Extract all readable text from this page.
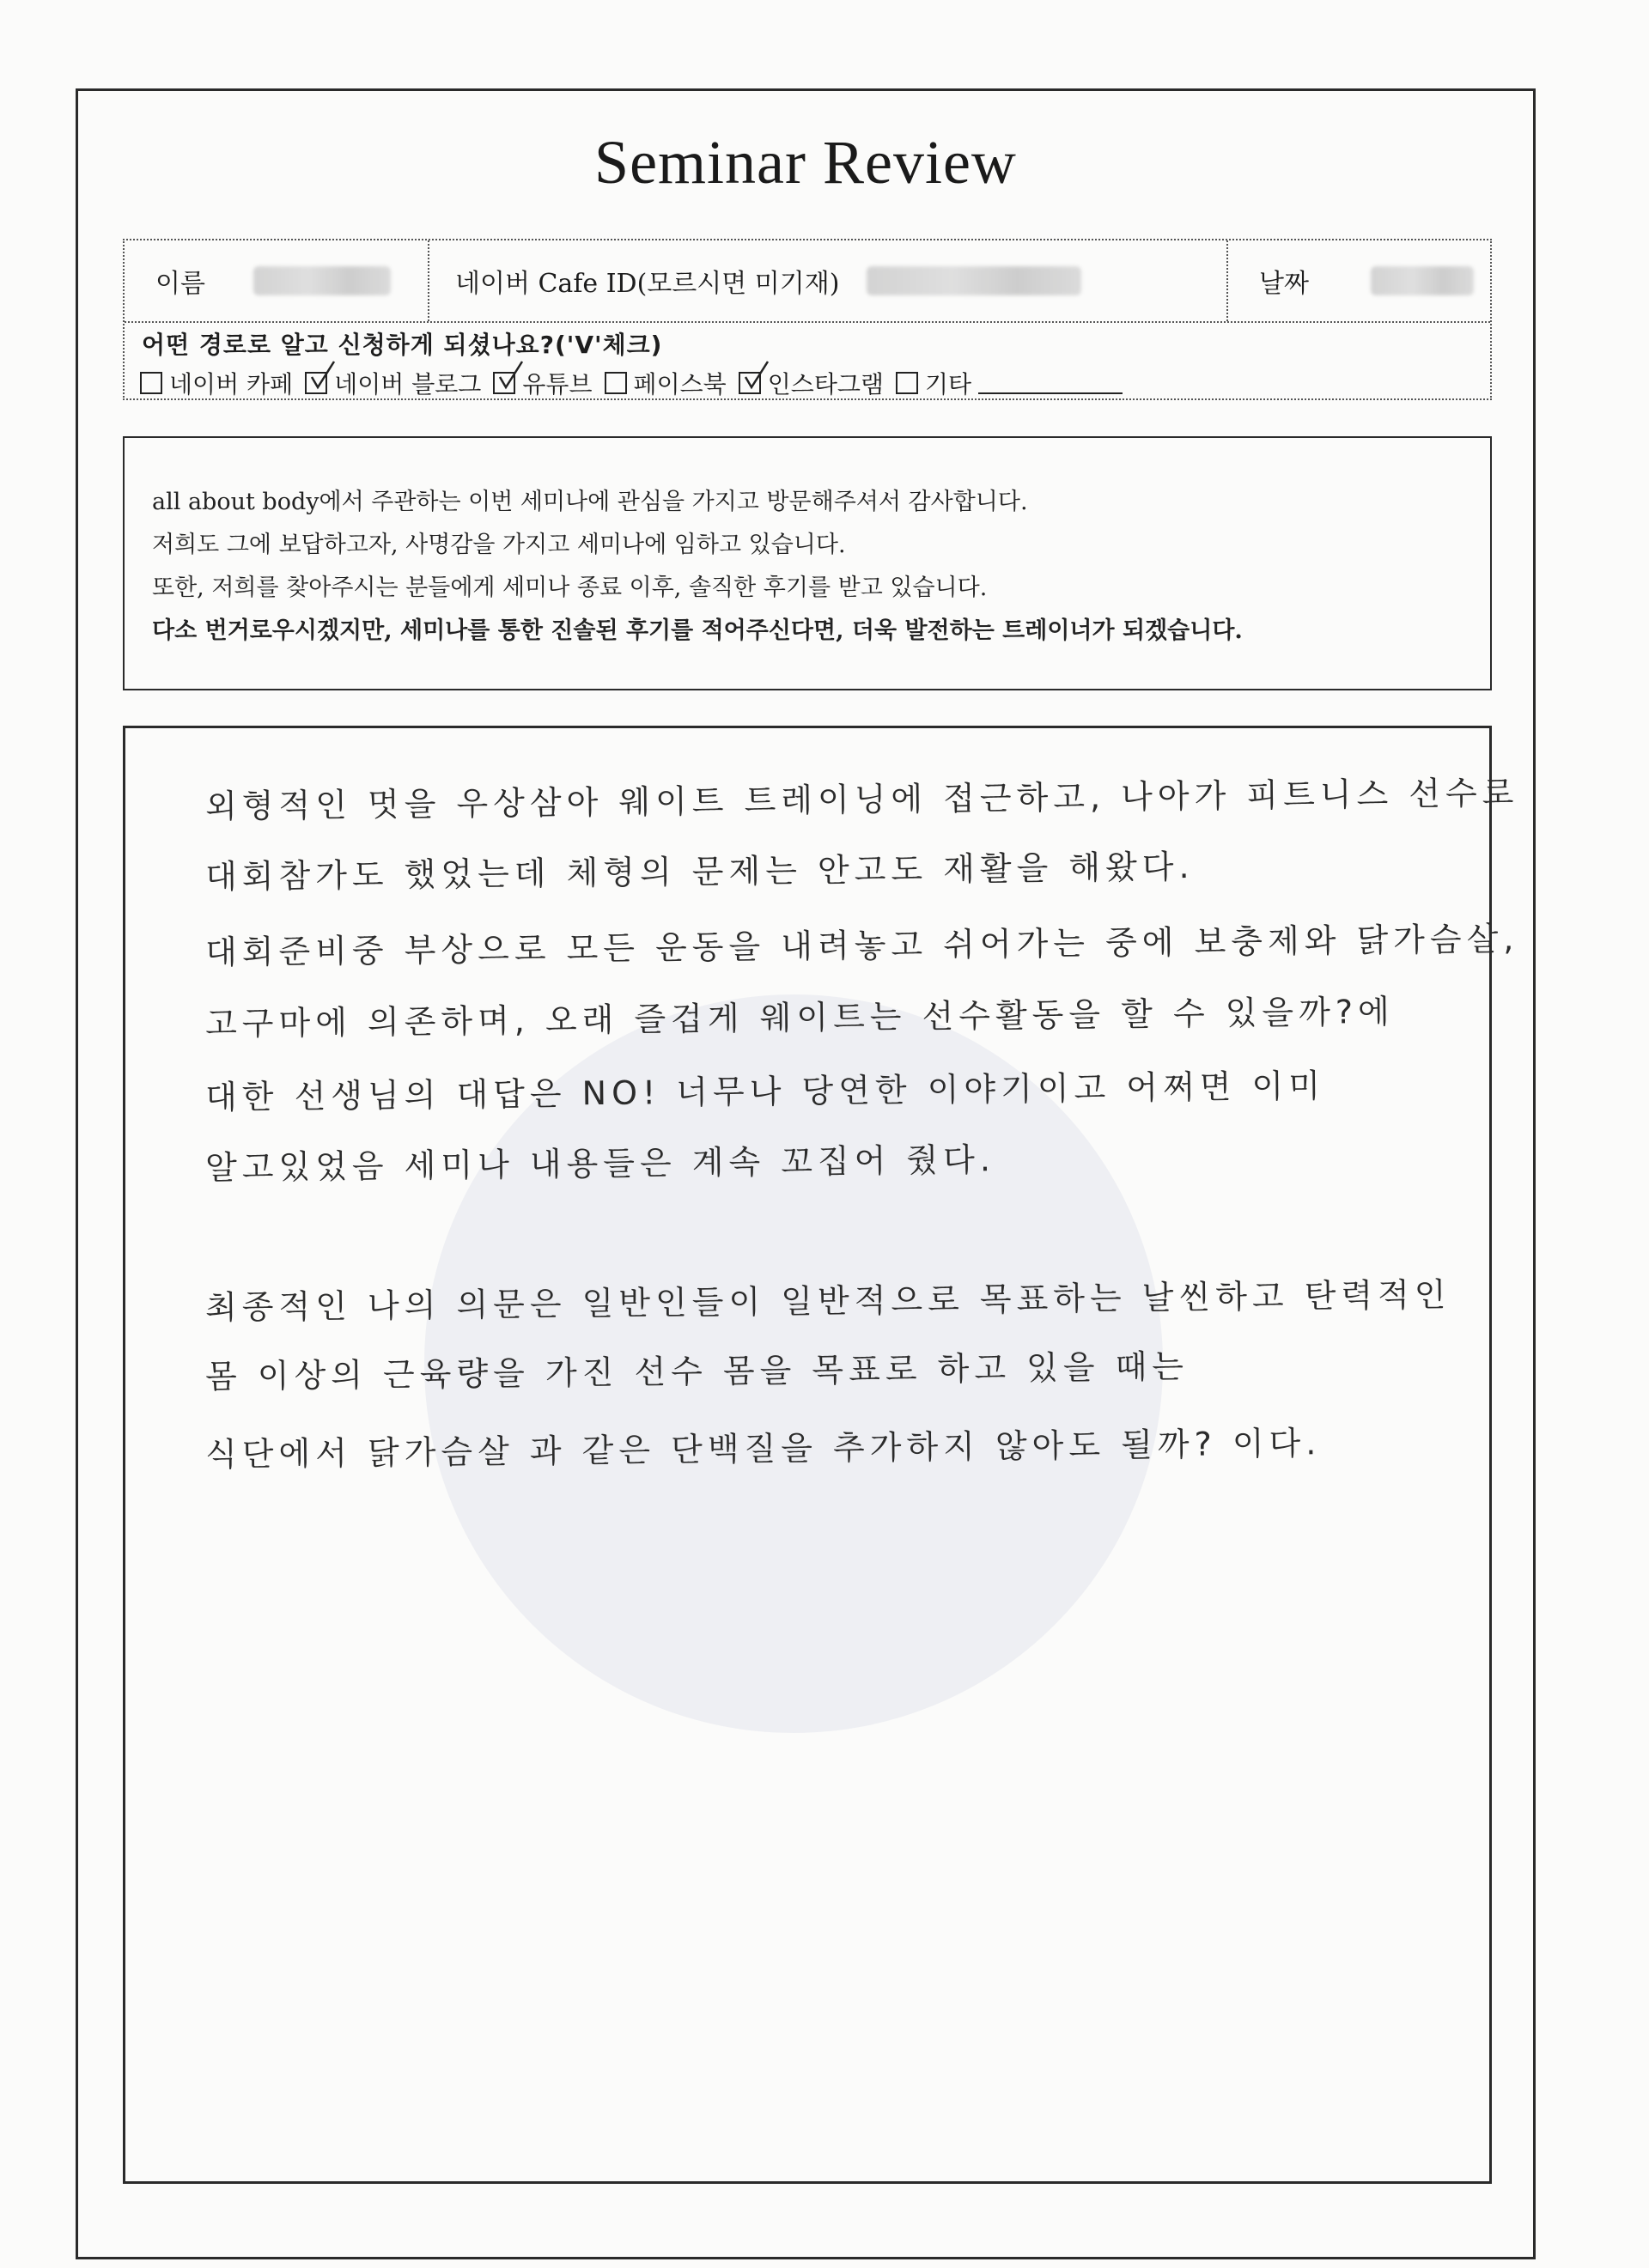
Seminar Review
이름	네이버 Cafe ID(모르시면 미기재)	날짜
어떤 경로로 알고 신청하게 되셨나요?('V'체크)
네이버 카페 네이버 블로그 유튜브 페이스북 인스타그램 기타
all about body에서 주관하는 이번 세미나에 관심을 가지고 방문해주셔서 감사합니다.
저희도 그에 보답하고자, 사명감을 가지고 세미나에 임하고 있습니다.
또한, 저희를 찾아주시는 분들에게 세미나 종료 이후, 솔직한 후기를 받고 있습니다.
다소 번거로우시겠지만, 세미나를 통한 진솔된 후기를 적어주신다면, 더욱 발전하는 트레이너가 되겠습니다.
외형적인 멋을 우상삼아 웨이트 트레이닝에 접근하고, 나아가 피트니스 선수로
대회참가도 했었는데 체형의 문제는 안고도 재활을 해왔다.
대회준비중 부상으로 모든 운동을 내려놓고 쉬어가는 중에 보충제와 닭가슴살,
고구마에 의존하며, 오래 즐겁게 웨이트는 선수활동을 할 수 있을까?에
대한 선생님의 대답은 NO! 너무나 당연한 이야기이고 어쩌면 이미
알고있었음 세미나 내용들은 계속 꼬집어 줬다.
최종적인 나의 의문은 일반인들이 일반적으로 목표하는 날씬하고 탄력적인
몸 이상의 근육량을 가진 선수 몸을 목표로 하고 있을 때는
식단에서 닭가슴살 과 같은 단백질을 추가하지 않아도 될까? 이다.
